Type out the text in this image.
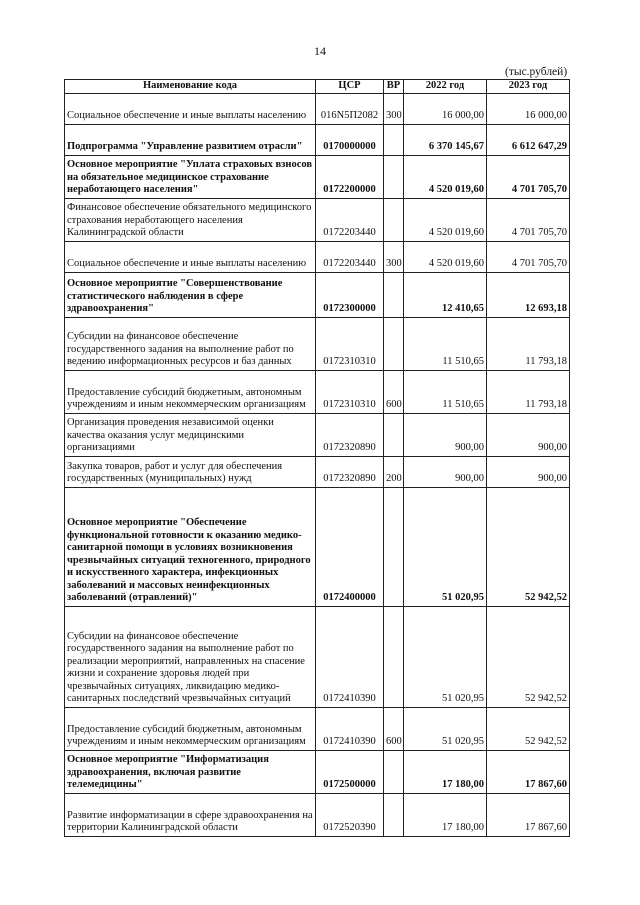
14
(тыс.рублей)
Наименование кода	ЦСР	ВР	2022 год	2023 год
Социальное обеспечение и иные выплаты населению	016N5П2082	300	16 000,00	16 000,00
Подпрограмма "Управление развитием отрасли"	0170000000		6 370 145,67	6 612 647,29
Основное мероприятие "Уплата страховых взносов на обязательное медицинское страхование неработающего населения"	0172200000		4 520 019,60	4 701 705,70
Финансовое обеспечение обязательного медицинского страхования неработающего населения Калининградской области	0172203440		4 520 019,60	4 701 705,70
Социальное обеспечение и иные выплаты населению	0172203440	300	4 520 019,60	4 701 705,70
Основное мероприятие "Совершенствование статистического наблюдения в сфере здравоохранения"	0172300000		12 410,65	12 693,18
Субсидии на финансовое обеспечение государственного задания на выполнение работ по ведению информационных ресурсов и баз данных	0172310310		11 510,65	11 793,18
Предоставление субсидий бюджетным, автономным учреждениям и иным некоммерческим организациям	0172310310	600	11 510,65	11 793,18
Организация проведения независимой оценки качества оказания услуг медицинскими организациями	0172320890		900,00	900,00
Закупка товаров, работ и услуг для обеспечения государственных (муниципальных) нужд	0172320890	200	900,00	900,00
Основное мероприятие "Обеспечение функциональной готовности к оказанию медико-санитарной помощи в условиях возникновения чрезвычайных ситуаций техногенного, природного и искусственного характера, инфекционных заболеваний и массовых неинфекционных заболеваний (отравлений)"	0172400000		51 020,95	52 942,52
Субсидии на финансовое обеспечение государственного задания на выполнение работ по реализации мероприятий, направленных на спасение жизни и сохранение здоровья людей при чрезвычайных ситуациях, ликвидацию медико-санитарных последствий чрезвычайных ситуаций	0172410390		51 020,95	52 942,52
Предоставление субсидий бюджетным, автономным учреждениям и иным некоммерческим организациям	0172410390	600	51 020,95	52 942,52
Основное мероприятие "Информатизация здравоохранения, включая развитие телемедицины"	0172500000		17 180,00	17 867,60
Развитие информатизации в сфере здравоохранения на территории Калининградской области	0172520390		17 180,00	17 867,60
